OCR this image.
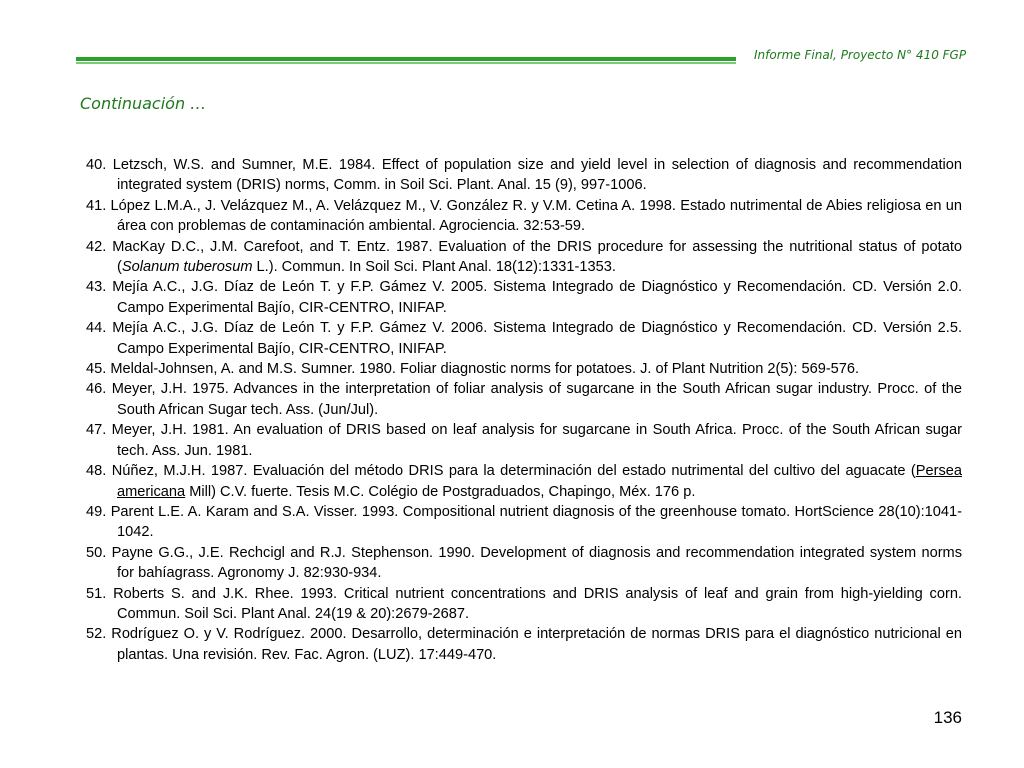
Informe Final, Proyecto N° 410 FGP
Continuación …
40. Letzsch, W.S. and Sumner, M.E. 1984. Effect of population size and yield level in selection of diagnosis and recommendation integrated system (DRIS) norms, Comm. in Soil Sci. Plant. Anal. 15 (9), 997-1006.
41. López L.M.A., J. Velázquez M., A. Velázquez M., V. González R. y V.M. Cetina A. 1998. Estado nutrimental de Abies religiosa en un área con problemas de contaminación ambiental. Agrociencia. 32:53-59.
42. MacKay D.C., J.M. Carefoot, and T. Entz. 1987. Evaluation of the DRIS procedure for assessing the nutritional status of potato (Solanum tuberosum L.). Commun. In Soil Sci. Plant Anal. 18(12):1331-1353.
43. Mejía A.C., J.G. Díaz de León T. y F.P. Gámez V. 2005. Sistema Integrado de Diagnóstico y Recomendación. CD. Versión 2.0. Campo Experimental Bajío, CIR-CENTRO, INIFAP.
44. Mejía A.C., J.G. Díaz de León T. y F.P. Gámez V. 2006. Sistema Integrado de Diagnóstico y Recomendación. CD. Versión 2.5. Campo Experimental Bajío, CIR-CENTRO, INIFAP.
45. Meldal-Johnsen, A. and M.S. Sumner. 1980. Foliar diagnostic norms for potatoes. J. of Plant Nutrition 2(5): 569-576.
46. Meyer, J.H. 1975. Advances in the interpretation of foliar analysis of sugarcane in the South African sugar industry. Procc. of the South African Sugar tech. Ass. (Jun/Jul).
47. Meyer, J.H. 1981. An evaluation of DRIS based on leaf analysis for sugarcane in South Africa. Procc. of the South African sugar tech. Ass. Jun. 1981.
48. Núñez, M.J.H. 1987. Evaluación del método DRIS para la determinación del estado nutrimental del cultivo del aguacate (Persea americana Mill) C.V. fuerte. Tesis M.C. Colégio de Postgraduados, Chapingo, Méx. 176 p.
49. Parent L.E. A. Karam and S.A. Visser. 1993. Compositional nutrient diagnosis of the greenhouse tomato. HortScience 28(10):1041-1042.
50. Payne G.G., J.E. Rechcigl and R.J. Stephenson. 1990. Development of diagnosis and recommendation integrated system norms for bahíagrass. Agronomy J. 82:930-934.
51. Roberts S. and J.K. Rhee. 1993. Critical nutrient concentrations and DRIS analysis of leaf and grain from high-yielding corn. Commun. Soil Sci. Plant Anal. 24(19 & 20):2679-2687.
52. Rodríguez O. y V. Rodríguez. 2000. Desarrollo, determinación e interpretación de normas DRIS para el diagnóstico nutricional en plantas. Una revisión. Rev. Fac. Agron. (LUZ). 17:449-470.
136
